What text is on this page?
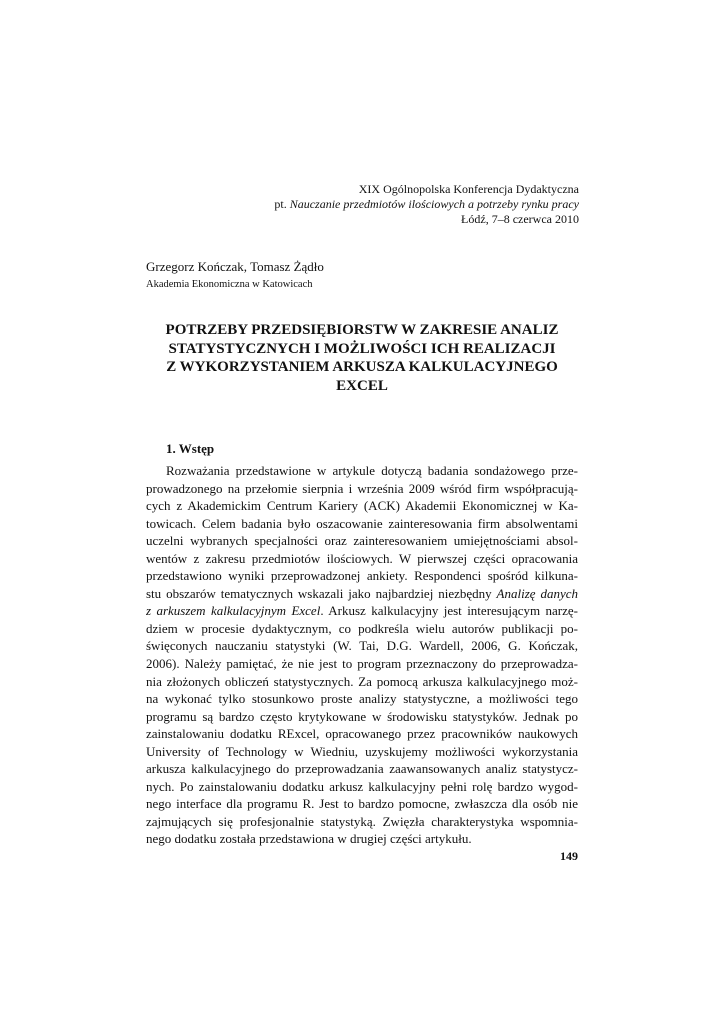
XIX Ogólnopolska Konferencja Dydaktyczna
pt. Nauczanie przedmiotów ilościowych a potrzeby rynku pracy
Łódź, 7–8 czerwca 2010
Grzegorz Kończak, Tomasz Żądło
Akademia Ekonomiczna w Katowicach
POTRZEBY PRZEDSIĘBIORSTW W ZAKRESIE ANALIZ
STATYSTYCZNYCH I MOŻLIWOŚCI ICH REALIZACJI
Z WYKORZYSTANIEM ARKUSZA KALKULACYJNEGO
EXCEL
1. Wstęp
Rozważania przedstawione w artykule dotyczą badania sondażowego prze-
prowadzonego na przełomie sierpnia i września 2009 wśród firm współpracują-
cych z Akademickim Centrum Kariery (ACK) Akademii Ekonomicznej w Ka-
towicach. Celem badania było oszacowanie zainteresowania firm absolwentami
uczelni wybranych specjalności oraz zainteresowaniem umiejętnościami absol-
wentów z zakresu przedmiotów ilościowych. W pierwszej części opracowania
przedstawiono wyniki przeprowadzonej ankiety. Respondenci spośród kilkuna-
stu obszarów tematycznych wskazali jako najbardziej niezbędny Analizę danych
z arkuszem kalkulacyjnym Excel. Arkusz kalkulacyjny jest interesującym narzę-
dziem w procesie dydaktycznym, co podkreśla wielu autorów publikacji po-
święconych nauczaniu statystyki (W. Tai, D.G. Wardell, 2006, G. Kończak,
2006). Należy pamiętać, że nie jest to program przeznaczony do przeprowadza-
nia złożonych obliczeń statystycznych. Za pomocą arkusza kalkulacyjnego moż-
na wykonać tylko stosunkowo proste analizy statystyczne, a możliwości tego
programu są bardzo często krytykowane w środowisku statystyków. Jednak po
zainstalowaniu dodatku RExcel, opracowanego przez pracowników naukowych
University of Technology w Wiedniu, uzyskujemy możliwości wykorzystania
arkusza kalkulacyjnego do przeprowadzania zaawansowanych analiz statystycz-
nych. Po zainstalowaniu dodatku arkusz kalkulacyjny pełni rolę bardzo wygod-
nego interface dla programu R. Jest to bardzo pomocne, zwłaszcza dla osób nie
zajmujących się profesjonalnie statystyką. Zwięzła charakterystyka wspomnia-
nego dodatku została przedstawiona w drugiej części artykułu.
149
